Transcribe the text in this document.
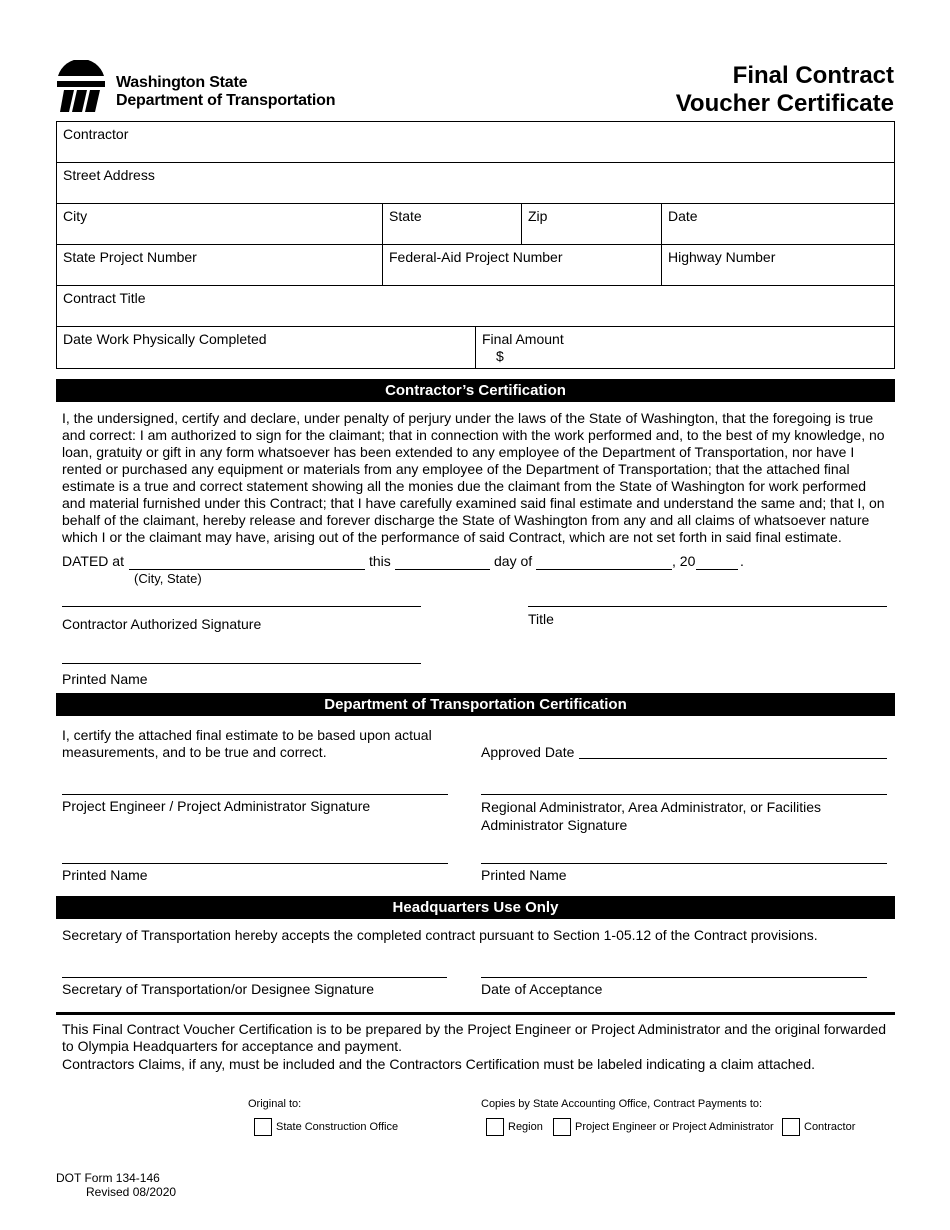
Washington State
Department of Transportation
Final Contract
Voucher Certificate
Contractor
Street Address
City	State	Zip	Date
State Project Number	Federal-Aid Project Number	Highway Number
Contract Title
Date Work Physically Completed	Final Amount
$
Contractor’s Certification
I, the undersigned, certify and declare, under penalty of perjury under the laws of the State of Washington, that the foregoing is true and correct: I am authorized to sign for the claimant; that in connection with the work performed and, to the best of my knowledge, no loan, gratuity or gift in any form whatsoever has been extended to any employee of the Department of Transportation, nor have I rented or purchased any equipment or materials from any employee of the Department of Transportation; that the attached final estimate is a true and correct statement showing all the monies due the claimant from the State of Washington for work performed and material furnished under this Contract; that I have carefully examined said final estimate and understand the same and; that I, on behalf of the claimant, hereby release and forever discharge the State of Washington from any and all claims of whatsoever nature which I or the claimant may have, arising out of the performance of said Contract, which are not set forth in said final estimate.
DATED at	this	day of	, 20	.
(City, State)
Contractor Authorized Signature	Title
Printed Name
Department of Transportation Certification
I, certify the attached final estimate to be based upon actual measurements, and to be true and correct.	Approved Date
Project Engineer / Project Administrator Signature	Regional Administrator, Area Administrator, or Facilities Administrator Signature
Printed Name	Printed Name
Headquarters Use Only
Secretary of Transportation hereby accepts the completed contract pursuant to Section 1-05.12 of the Contract provisions.
Secretary of Transportation/or Designee Signature	Date of Acceptance
This Final Contract Voucher Certification is to be prepared by the Project Engineer or Project Administrator and the original forwarded to Olympia Headquarters for acceptance and payment.
Contractors Claims, if any, must be included and the Contractors Certification must be labeled indicating a claim attached.
Original to:
State Construction Office
Copies by State Accounting Office, Contract Payments to:
Region	Project Engineer or Project Administrator	Contractor
DOT Form 134-146
Revised 08/2020
